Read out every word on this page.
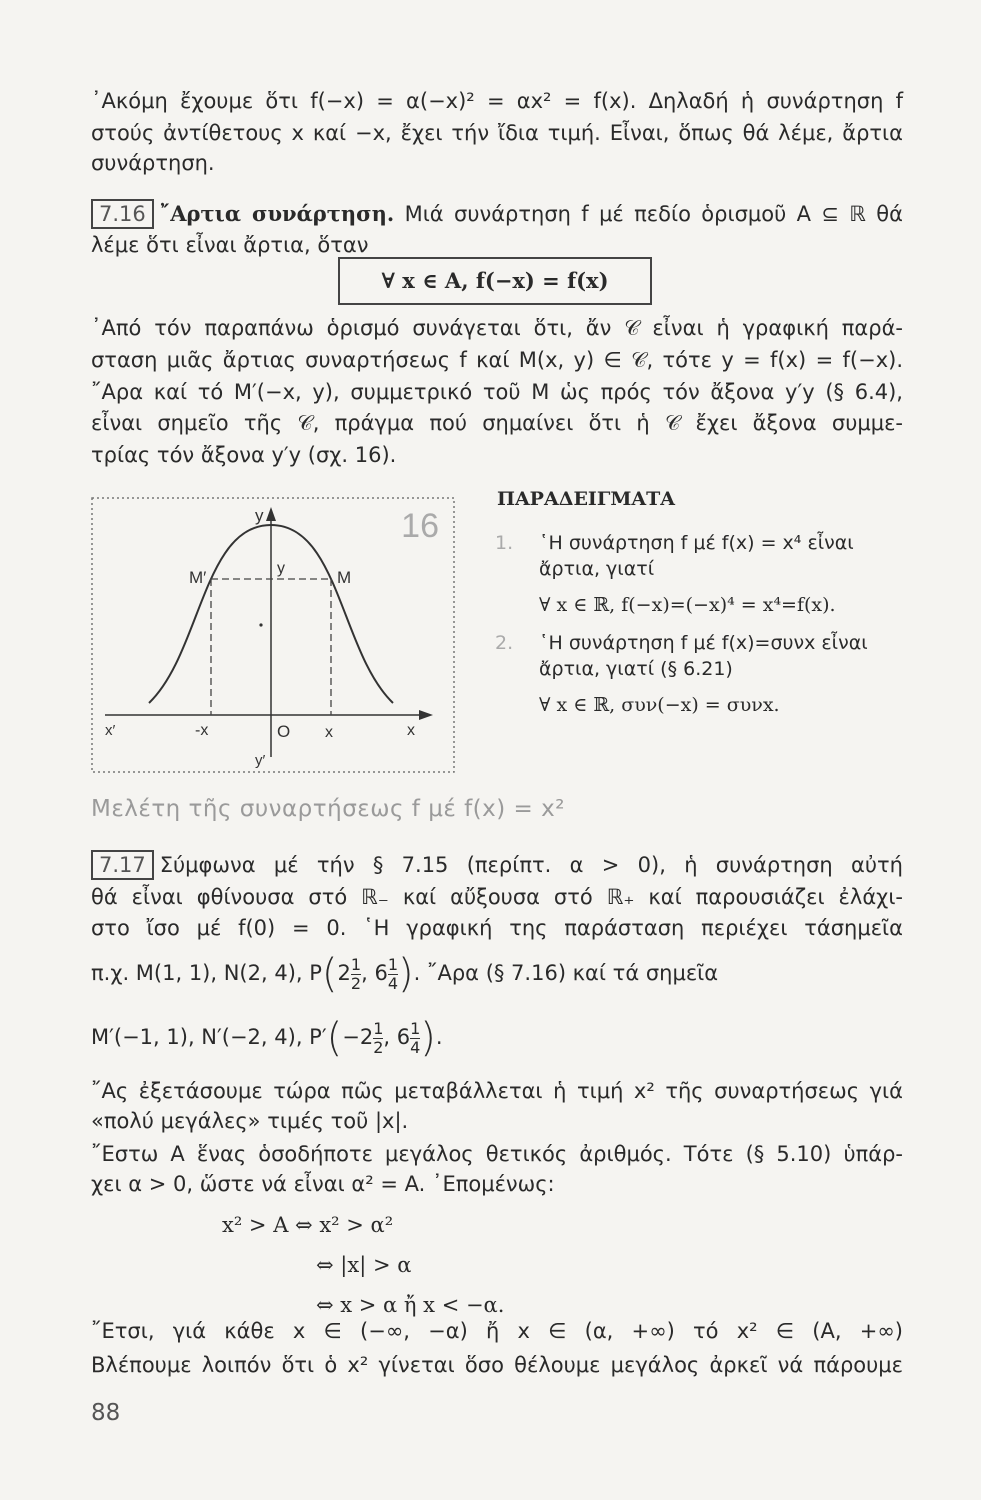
᾿Ακόμη ἔχουμε ὅτι f(−x) = α(−x)² = αx² = f(x). Δηλαδή ἡ συνάρτηση f

στούς ἀντίθετους x καί −x, ἔχει τήν ἴδια τιμή. Εἶναι, ὅπως θά λέμε, ἄρτια

συνάρτηση.

7.16 ῎Αρτια συνάρτηση. Μιά συνάρτηση f μέ πεδίο ὁρισμοῦ A ⊆ ℝ θά

λέμε ὅτι εἶναι ἄρτια, ὅταν

∀ x ∈ A, f(−x) = f(x)

᾿Από τόν παραπάνω ὁρισμό συνάγεται ὅτι, ἄν 𝒞 εἶναι ἡ γραφική παρά-

σταση μιᾶς ἄρτιας συναρτήσεως f καί M(x, y) ∈ 𝒞, τότε y = f(x) = f(−x).

῎Αρα καί τό M′(−x, y), συμμετρικό τοῦ M ὡς πρός τόν ἄξονα y′y (§ 6.4),

εἶναι σημεῖο τῆς 𝒞, πράγμα πού σημαίνει ὅτι ἡ 𝒞 ἔχει ἄξονα συμμε-

τρίας τόν ἄξονα y′y (σχ. 16).

16
y
y′
x′	x
-x	O x
M′	M
y

ΠΑΡΑΔΕΙΓΜΑΤΑ

1.	῾Η συνάρτηση f μέ f(x) = x⁴ εἶναι
ἄρτια, γιατί
∀ x ∈ ℝ, f(−x)=(−x)⁴ = x⁴=f(x).
2.	῾Η συνάρτηση f μέ f(x)=συνx εἶναι
ἄρτια, γιατί (§ 6.21)
∀ x ∈ ℝ, συν(−x) = συνx.
Μελέτη τῆς συναρτήσεως f μέ f(x) = x²

7.17 Σύμφωνα μέ τήν § 7.15 (περίπτ. α > 0), ἡ συνάρτηση αὐτή

θά εἶναι φθίνουσα στό ℝ₋ καί αὔξουσα στό ℝ₊ καί παρουσιάζει ἐλάχι-

στο ἴσο μέ f(0) = 0. ῾Η γραφική της παράσταση περιέχει τάσημεῖα

π.χ. M(1, 1), N(2, 4), $P(2 \frac{1}{2}$ , $6 \frac{1}{4}$ ). ῎Αρα (§ 7.16) καί τά σημεῖα

M′(−1, 1), N′(−2, 4), $P'(-2 \frac{1}{2}$ , $6 \frac{1}{4}$ ).

῎Ας ἐξετάσουμε τώρα πῶς μεταβάλλεται ἡ τιμή x² τῆς συναρτήσεως γιά

«πολύ μεγάλες» τιμές τοῦ |x|.

῎Εστω A ἕνας ὁσοδήποτε μεγάλος θετικός ἀριθμός. Τότε (§ 5.10) ὑπάρ-

χει α > 0, ὥστε νά εἶναι α² = A. ᾿Επομένως:

x² > A ⇔ x² > α²
⇔ |x| > α
⇔ x > α ἤ x < −α.

῎Ετσι, γιά κάθε x ∈ (−∞, −α) ἤ x ∈ (α, +∞) τό x² ∈ (A, +∞)

Βλέπουμε λοιπόν ὅτι ὁ x² γίνεται ὅσο θέλουμε μεγάλος ἀρκεῖ νά πάρουμε

88
